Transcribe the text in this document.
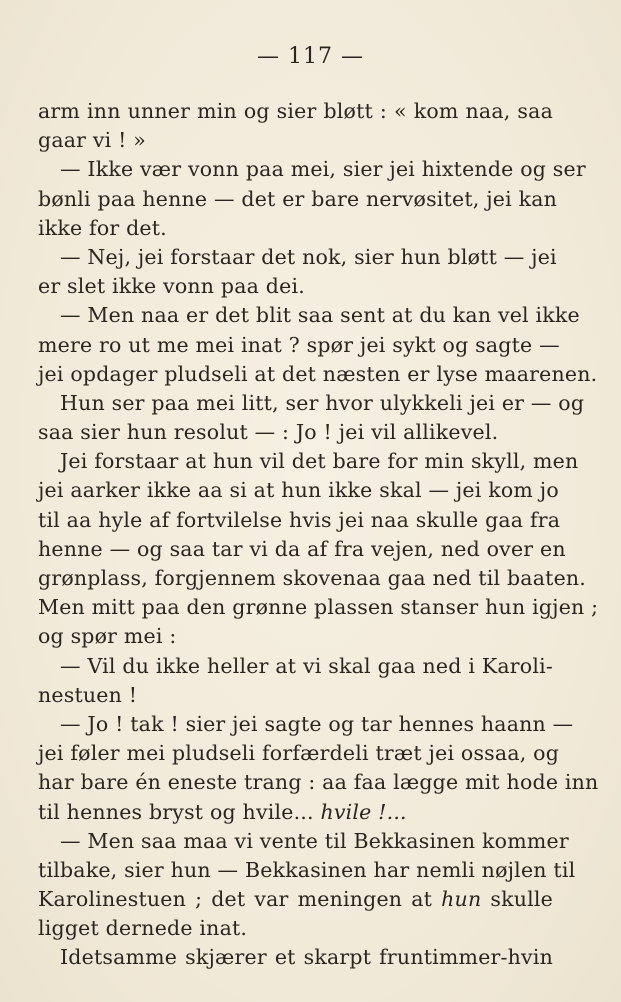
— 117 —
arm inn unner min og sier bløtt : « kom naa, saa
gaar vi ! »
— Ikke vær vonn paa mei, sier jei hixtende og ser
bønli paa henne — det er bare nervøsitet, jei kan
ikke for det.
— Nej, jei forstaar det nok, sier hun bløtt — jei
er slet ikke vonn paa dei.
— Men naa er det blit saa sent at du kan vel ikke
mere ro ut me mei inat ? spør jei sykt og sagte —
jei opdager pludseli at det næsten er lyse maarenen.
Hun ser paa mei litt, ser hvor ulykkeli jei er — og
saa sier hun resolut — : Jo ! jei vil allikevel.
Jei forstaar at hun vil det bare for min skyll, men
jei aarker ikke aa si at hun ikke skal — jei kom jo
til aa hyle af fortvilelse hvis jei naa skulle gaa fra
henne — og saa tar vi da af fra vejen, ned over en
grønplass, forgjennem skovenaa gaa ned til baaten.
Men mitt paa den grønne plassen stanser hun igjen ;
og spør mei :
— Vil du ikke heller at vi skal gaa ned i Karoli-
nestuen !
— Jo ! tak ! sier jei sagte og tar hennes haann —
jei føler mei pludseli forfærdeli træt jei ossaa, og
har bare én eneste trang : aa faa lægge mit hode inn
til hennes bryst og hvile... hvile !...
— Men saa maa vi vente til Bekkasinen kommer
tilbake, sier hun — Bekkasinen har nemli nøjlen til
Karolinestuen ; det var meningen at hun skulle
ligget dernede inat.
Idetsamme skjærer et skarpt fruntimmer-hvin
